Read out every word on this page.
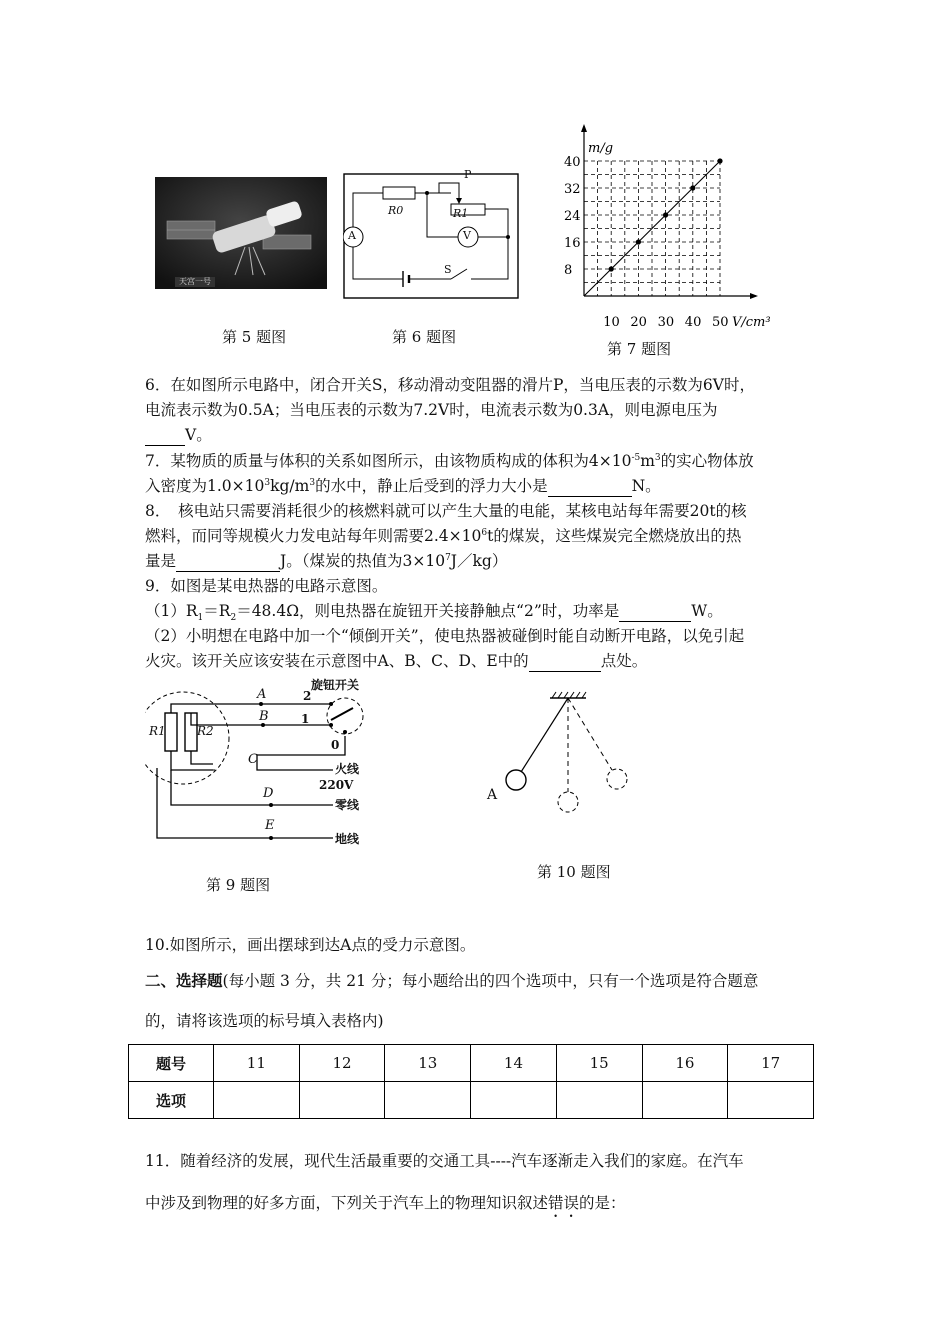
天宫一号
第 5 题图
P
R0	R1
A	V
S
第 6 题图
8
16
24
32
40
10 20 30 40 50
m/g
V/cm³
第 7 题图
6．在如图所示电路中，闭合开关S，移动滑动变阻器的滑片P，当电压表的示数为6V时，
电流表示数为0.5A；当电压表的示数为7.2V时，电流表示数为0.3A，则电源电压为
V。
7．某物质的质量与体积的关系如图所示，由该物质构成的体积为$4\times 10^{-5}m^3$的实心物体放
入密度为$1.0\times 10^3kg/m^3$的水中，静止后受到的浮力大小是	N。
8．　核电站只需要消耗很少的核燃料就可以产生大量的电能，某核电站每年需要20t的核
燃料，而同等规模火力发电站每年则需要$2.4\times 10^6t$的煤炭，这些煤炭完全燃烧放出的热
量是	J。（煤炭的热值为$3\times 10^7J/kg$）
9．如图是某电热器的电路示意图。
$(1)R_1=R_2=48.4\Omega$，则电热器在旋钮开关接静触点“2”时，功率是	W。
（2）小明想在电路中加一个“倾倒开关”，使电热器被碰倒时能自动断开电路，以免引起
火灾。该开关应该安装在示意图中A、B、C、D、E中的	点处。
旋钮开关
2
1
0
A
B
C
D
E
R1	R2
火线
220V
零线
地线
第 9 题图
A
第 10 题图
10.如图所示，画出摆球到达A点的受力示意图。
二、选择题(每小题 3 分，共 21 分；每小题给出的四个选项中，只有一个选项是符合题意
的，请将该选项的标号填入表格内)
题号	11	12	13	14	15	16	17
选项							
11．随着经济的发展，现代生活最重要的交通工具----汽车逐渐走入我们的家庭。在汽车
中涉及到物理的好多方面，下列关于汽车上的物理知识叙述错误的是：
